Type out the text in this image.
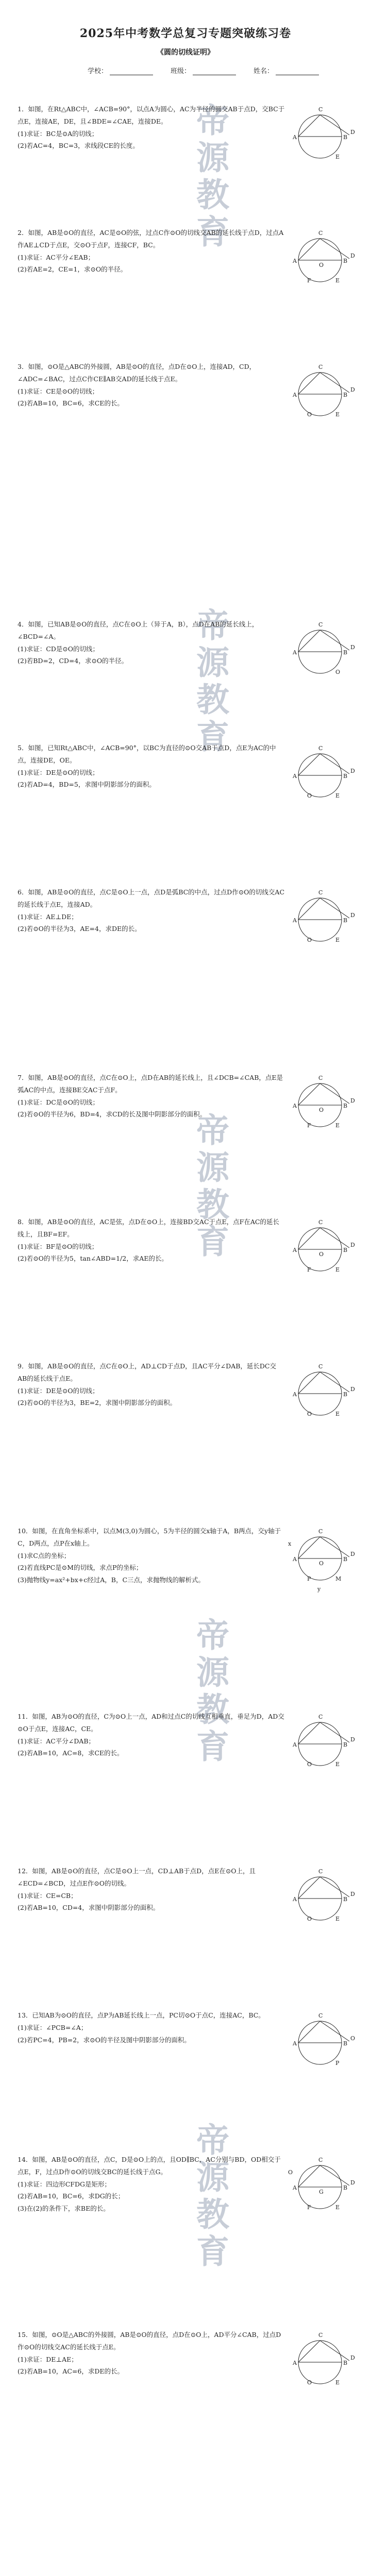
帝源教育
帝源教育
帝源教育
帝源教育
帝源教育
2025年中考数学总复习专题突破练习卷
《圆的切线证明》
学校：	班级：	姓名：
1．如图，在Rt△ABC中，∠ACB=90°，以点A为圆心，AC为半径的圆交AB于点D，交BC于点E，连接AE，DE，且∠BDE=∠CAE，连接DE。
(1)求证：BC是⊙A的切线；
(2)若AC=4，BC=3，求线段CE的长度。
A	B
C
D
E
2．如图，AB是⊙O的直径，AC是⊙O的弦，过点C作⊙O的切线交AB的延长线于点D，过点A作AE⊥CD于点E，交⊙O于点F，连接CF，BC。
(1)求证：AC平分∠EAB；
(2)若AE=2，CE=1，求⊙O的半径。
A	B
C
D
E
F
O
3．如图，⊙O是△ABC的外接圆，AB是⊙O的直径，点D在⊙O上，连接AD，CD，∠ADC=∠BAC，过点C作CE∥AB交AD的延长线于点E。
(1)求证：CE是⊙O的切线；
(2)若AB=10，BC=6，求CE的长。
A	B
C
D
E
O
4．如图，已知AB是⊙O的直径，点C在⊙O上（异于A，B），点D在AB的延长线上，∠BCD=∠A。
(1)求证：CD是⊙O的切线；
(2)若BD=2，CD=4，求⊙O的半径。
A	B
C
D
O
5．如图，已知Rt△ABC中，∠ACB=90°，以BC为直径的⊙O交AB于点D，点E为AC的中点，连接DE，OE。
(1)求证：DE是⊙O的切线；
(2)若AD=4，BD=5，求图中阴影部分的面积。
A	B
C
D
E
O
6．如图，AB是⊙O的直径，点C是⊙O上一点，点D是弧BC的中点，过点D作⊙O的切线交AC的延长线于点E，连接AD。
(1)求证：AE⊥DE；
(2)若⊙O的半径为3，AE=4，求DE的长。
A	B
C
D
E
O
7．如图，AB是⊙O的直径，点C在⊙O上，点D在AB的延长线上，且∠DCB=∠CAB，点E是弧AC的中点，连接BE交AC于点F。
(1)求证：DC是⊙O的切线；
(2)若⊙O的半径为6，BD=4，求CD的长及图中阴影部分的面积。
A	B
C
D
E
F
O
8．如图，AB是⊙O的直径，AC是弦，点D在⊙O上，连接BD交AC于点E，点F在AC的延长线上，且BF=EF。
(1)求证：BF是⊙O的切线；
(2)若⊙O的半径为5，tan∠ABD=1/2，求AE的长。
A	B
C
D
E
F
O
9．如图，AB是⊙O的直径，点C在⊙O上，AD⊥CD于点D，且AC平分∠DAB，延长DC交AB的延长线于点E。
(1)求证：DE是⊙O的切线；
(2)若⊙O的半径为3，BE=2，求图中阴影部分的面积。
A	B
C
D
E
O
10．如图，在直角坐标系中，以点M(3,0)为圆心，5为半径的圆交x轴于A，B两点，交y轴于C，D两点，点P在x轴上。
(1)求C点的坐标；
(2)若直线PC是⊙M的切线，求点P的坐标；
(3)抛物线y=ax²+bx+c经过A，B，C三点，求抛物线的解析式。
A	B
C
D
M
P
O
x
y
11．如图，AB为⊙O的直径，C为⊙O上一点，AD和过点C的切线互相垂直，垂足为D，AD交⊙O于点E，连接AC，CE。
(1)求证：AC平分∠DAB；
(2)若AB=10，AC=8，求CE的长。
A	B
C
D
E
O
12．如图，AB是⊙O的直径，点C是⊙O上一点，CD⊥AB于点D，点E在⊙O上，且∠ECD=∠BCD，过点E作⊙O的切线。
(1)求证：CE=CB；
(2)若AB=10，CD=4，求图中阴影部分的面积。
A	B
C
D
E
O
13．已知AB为⊙O的直径，点P为AB延长线上一点，PC切⊙O于点C，连接AC，BC。
(1)求证：∠PCB=∠A；
(2)若PC=4，PB=2，求⊙O的半径及图中阴影部分的面积。	A	B
C
O
P
14．如图，AB是⊙O的直径，点C，D是⊙O上的点，且OD∥BC，AC分别与BD，OD相交于点E，F，过点D作⊙O的切线交BC的延长线于点G。
(1)求证：四边形CFDG是矩形；
(2)若AB=10，BC=6，求DG的长；
(3)在(2)的条件下，求BE的长。
A	B
C
D
E
F
G
O
15．如图，⊙O是△ABC的外接圆，AB是⊙O的直径，点D在⊙O上，AD平分∠CAB，过点D作⊙O的切线交AC的延长线于点E。
(1)求证：DE⊥AE；
(2)若AB=10，AC=6，求DE的长。
A	B
C
D
E
O
